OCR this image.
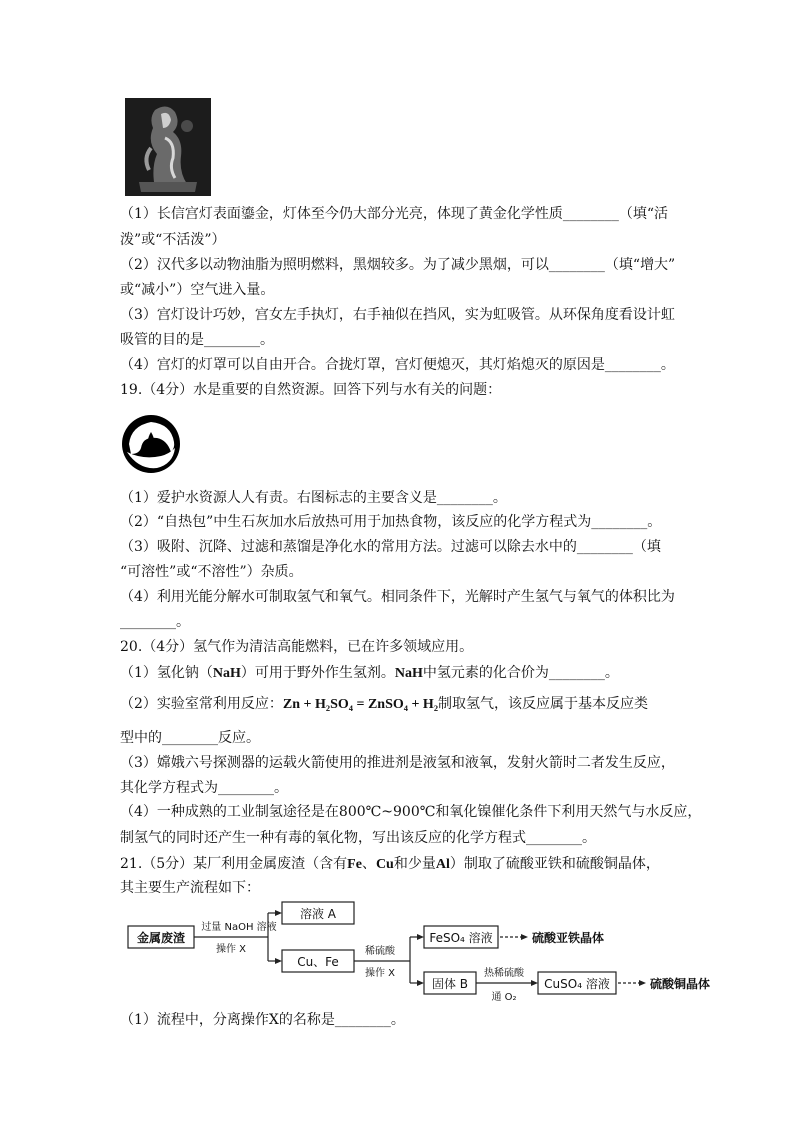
（1）长信宫灯表面鎏金，灯体至今仍大部分光亮，体现了黄金化学性质________（填“活
泼”或“不活泼”）
（2）汉代多以动物油脂为照明燃料，黑烟较多。为了减少黑烟，可以________（填“增大”
或“减小”）空气进入量。
（3）宫灯设计巧妙，宫女左手执灯，右手袖似在挡风，实为虹吸管。从环保角度看设计虹
吸管的目的是________。
（4）宫灯的灯罩可以自由开合。合拢灯罩，宫灯便熄灭，其灯焰熄灭的原因是________。
19.（4分）水是重要的自然资源。回答下列与水有关的问题：
（1）爱护水资源人人有责。右图标志的主要含义是________。
（2）“自热包”中生石灰加水后放热可用于加热食物，该反应的化学方程式为________。
（3）吸附、沉降、过滤和蒸馏是净化水的常用方法。过滤可以除去水中的________（填
“可溶性”或“不溶性”）杂质。
（4）利用光能分解水可制取氢气和氧气。相同条件下，光解时产生氢气与氧气的体积比为
________。
20.（4分）氢气作为清洁高能燃料，已在许多领域应用。
（1）氢化钠（NaH）可用于野外作生氢剂。NaH中氢元素的化合价为________。
（2）实验室常利用反应：Zn + H₂SO₄ = ZnSO₄ + H₂制取氢气，该反应属于基本反应类
型中的________反应。
（3）嫦娥六号探测器的运载火箭使用的推进剂是液氢和液氧，发射火箭时二者发生反应，
其化学方程式为________。
（4）一种成熟的工业制氢途径是在800℃~900℃和氧化镍催化条件下利用天然气与水反应，
制氢气的同时还产生一种有毒的氧化物，写出该反应的化学方程式________。
21.（5分）某厂利用金属废渣（含有Fe、Cu和少量Al）制取了硫酸亚铁和硫酸铜晶体，
其主要生产流程如下：
金属废渣
过量 NaOH 溶液
操作 X
溶液 A
Cu、Fe
稀硫酸
操作 X
FeSO₄ 溶液	硫酸亚铁晶体
固体 B
热稀硫酸
通 O₂
CuSO₄ 溶液	硫酸铜晶体
（1）流程中，分离操作X的名称是________。
